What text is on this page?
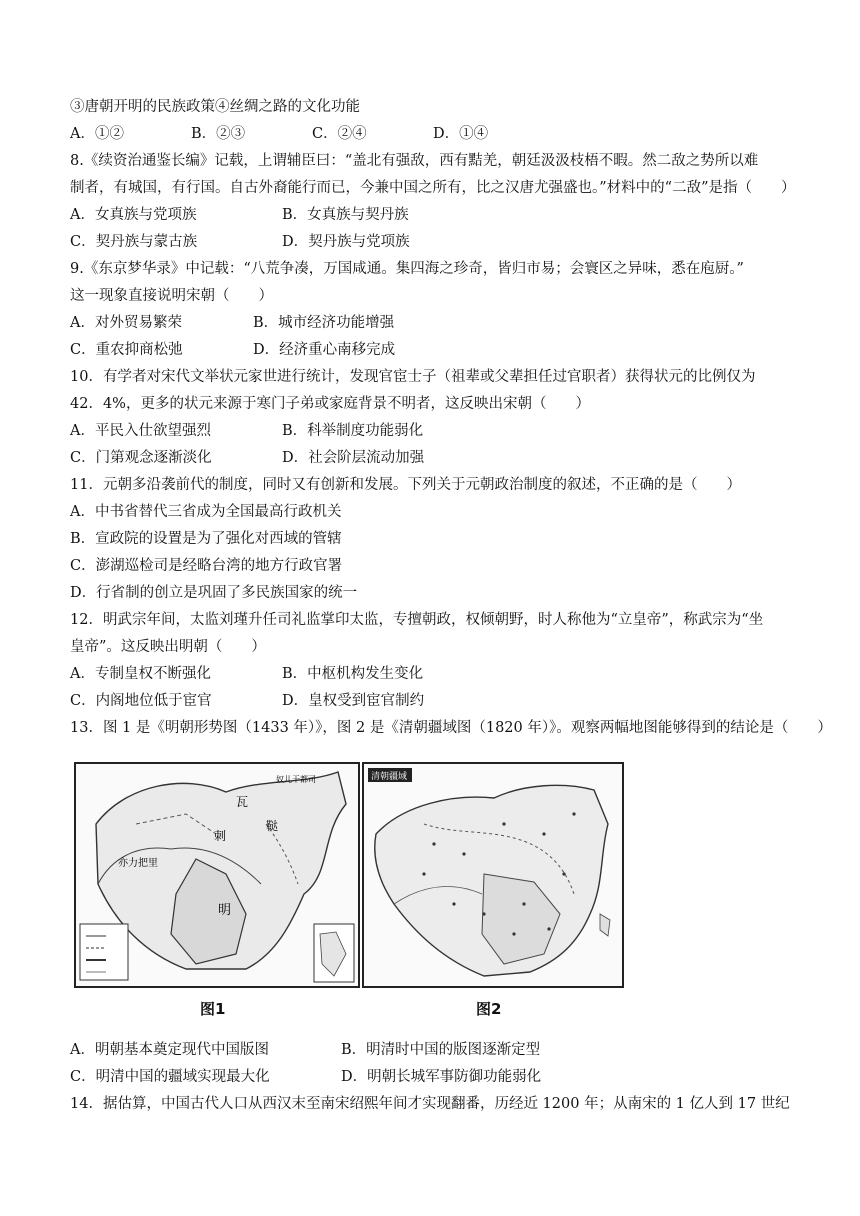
③唐朝开明的民族政策④丝绸之路的文化功能
A．①②	B．②③	C．②④	D．①④
8.《续资治通鉴长编》记载，上谓辅臣曰：“盖北有强敌，西有黠羌，朝廷汲汲枝梧不暇。然二敌之势所以难
制者，有城国，有行国。自古外裔能行而已，今兼中国之所有，比之汉唐尤强盛也。”材料中的“二敌”是指（　　）
A．女真族与党项族	B．女真族与契丹族
C．契丹族与蒙古族	D．契丹族与党项族
9.《东京梦华录》中记载：“八荒争凑，万国咸通。集四海之珍奇，皆归市易；会寰区之异味，悉在庖厨。”
这一现象直接说明宋朝（　　）
A．对外贸易繁荣	B．城市经济功能增强
C．重农抑商松弛	D．经济重心南移完成
10．有学者对宋代文举状元家世进行统计，发现官宦士子（祖辈或父辈担任过官职者）获得状元的比例仅为
42．4%，更多的状元来源于寒门子弟或家庭背景不明者，这反映出宋朝（　　）
A．平民入仕欲望强烈	B．科举制度功能弱化
C．门第观念逐渐淡化	D．社会阶层流动加强
11．元朝多沿袭前代的制度，同时又有创新和发展。下列关于元朝政治制度的叙述，不正确的是（　　）
A．中书省替代三省成为全国最高行政机关
B．宣政院的设置是为了强化对西域的管辖
C．澎湖巡检司是经略台湾的地方行政官署
D．行省制的创立是巩固了多民族国家的统一
12．明武宗年间，太监刘瑾升任司礼监掌印太监，专擅朝政，权倾朝野，时人称他为“立皇帝”，称武宗为“坐
皇帝”。这反映出明朝（　　）
A．专制皇权不断强化	B．中枢机构发生变化
C．内阁地位低于宦官	D．皇权受到宦官制约
13．图 1 是《明朝形势图（1433 年）》，图 2 是《清朝疆域图（1820 年）》。观察两幅地图能够得到的结论是（　　）
瓦
刺
鞑
亦力把里
明
奴儿干都司	清朝疆域
图1	图2
A．明朝基本奠定现代中国版图	B．明清时中国的版图逐渐定型
C．明清中国的疆域实现最大化	D．明朝长城军事防御功能弱化
14．据估算，中国古代人口从西汉末至南宋绍熙年间才实现翻番，历经近 1200 年；从南宋的 1 亿人到 17 世纪
